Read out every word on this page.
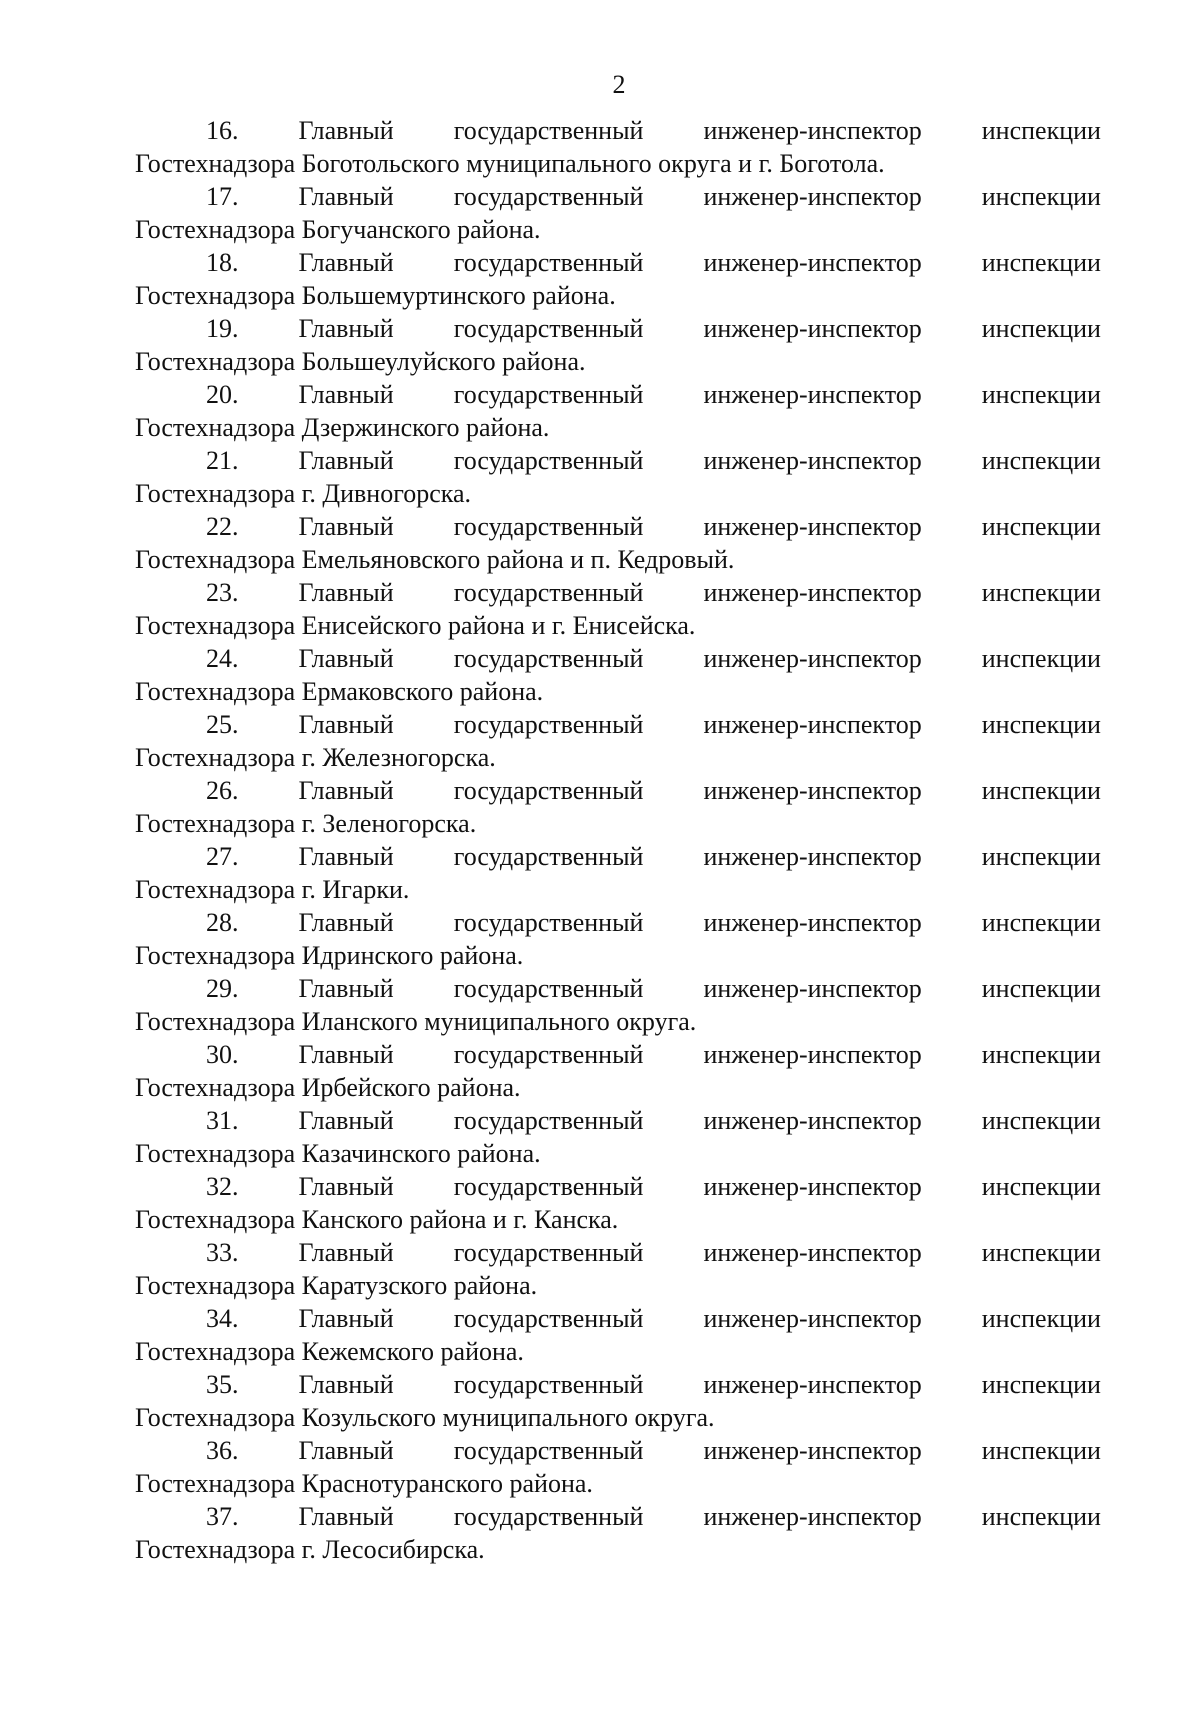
2
16. Главный государственный инженер-инспектор инспекции
Гостехнадзора Боготольского муниципального округа и г. Боготола.
17. Главный государственный инженер-инспектор инспекции
Гостехнадзора Богучанского района.
18. Главный государственный инженер-инспектор инспекции
Гостехнадзора Большемуртинского района.
19. Главный государственный инженер-инспектор инспекции
Гостехнадзора Большеулуйского района.
20. Главный государственный инженер-инспектор инспекции
Гостехнадзора Дзержинского района.
21. Главный государственный инженер-инспектор инспекции
Гостехнадзора г. Дивногорска.
22. Главный государственный инженер-инспектор инспекции
Гостехнадзора Емельяновского района и п. Кедровый.
23. Главный государственный инженер-инспектор инспекции
Гостехнадзора Енисейского района и г. Енисейска.
24. Главный государственный инженер-инспектор инспекции
Гостехнадзора Ермаковского района.
25. Главный государственный инженер-инспектор инспекции
Гостехнадзора г. Железногорска.
26. Главный государственный инженер-инспектор инспекции
Гостехнадзора г. Зеленогорска.
27. Главный государственный инженер-инспектор инспекции
Гостехнадзора г. Игарки.
28. Главный государственный инженер-инспектор инспекции
Гостехнадзора Идринского района.
29. Главный государственный инженер-инспектор инспекции
Гостехнадзора Иланского муниципального округа.
30. Главный государственный инженер-инспектор инспекции
Гостехнадзора Ирбейского района.
31. Главный государственный инженер-инспектор инспекции
Гостехнадзора Казачинского района.
32. Главный государственный инженер-инспектор инспекции
Гостехнадзора Канского района и г. Канска.
33. Главный государственный инженер-инспектор инспекции
Гостехнадзора Каратузского района.
34. Главный государственный инженер-инспектор инспекции
Гостехнадзора Кежемского района.
35. Главный государственный инженер-инспектор инспекции
Гостехнадзора Козульского муниципального округа.
36. Главный государственный инженер-инспектор инспекции
Гостехнадзора Краснотуранского района.
37. Главный государственный инженер-инспектор инспекции
Гостехнадзора г. Лесосибирска.
